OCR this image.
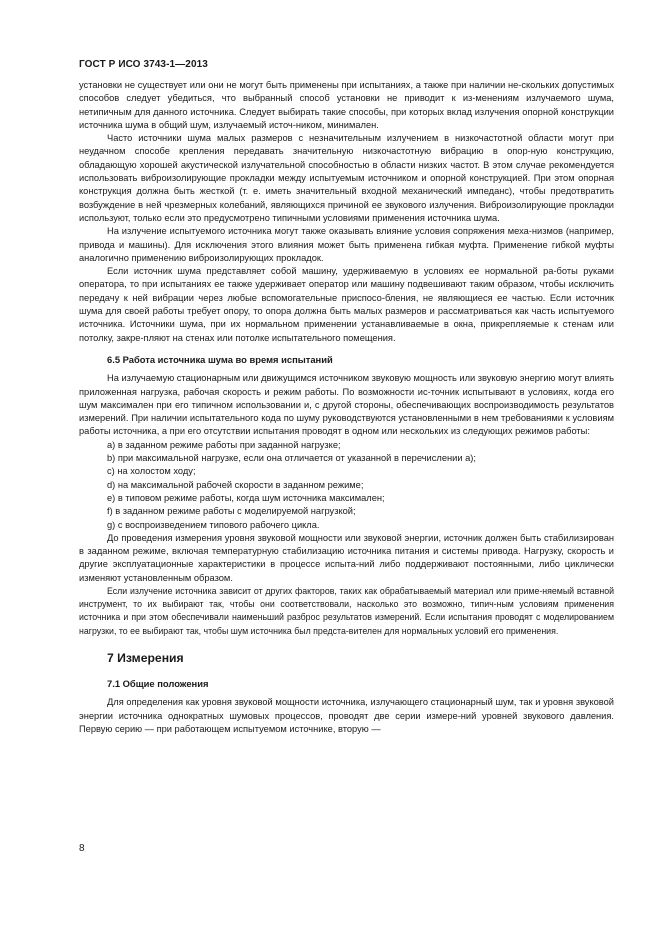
ГОСТ Р ИСО 3743-1—2013

установки не существует или они не могут быть применены при испытаниях, а также при наличии не-скольких допустимых способов следует убедиться, что выбранный способ установки не приводит к из-менениям излучаемого шума, нетипичным для данного источника. Следует выбирать такие способы, при которых вклад излучения опорной конструкции источника шума в общий шум, излучаемый источ-ником, минимален.

Часто источники шума малых размеров с незначительным излучением в низкочастотной области могут при неудачном способе крепления передавать значительную низкочастотную вибрацию в опор-ную конструкцию, обладающую хорошей акустической излучательной способностью в области низких частот. В этом случае рекомендуется использовать виброизолирующие прокладки между испытуемым источником и опорной конструкцией. При этом опорная конструкция должна быть жесткой (т. е. иметь значительный входной механический импеданс), чтобы предотвратить возбуждение в ней чрезмерных колебаний, являющихся причиной ее звукового излучения. Виброизолирующие прокладки используют, только если это предусмотрено типичными условиями применения источника шума.

На излучение испытуемого источника могут также оказывать влияние условия сопряжения меха-низмов (например, привода и машины). Для исключения этого влияния может быть применена гибкая муфта. Применение гибкой муфты аналогично применению виброизолирующих прокладок.

Если источник шума представляет собой машину, удерживаемую в условиях ее нормальной ра-боты руками оператора, то при испытаниях ее также удерживает оператор или машину подвешивают таким образом, чтобы исключить передачу к ней вибрации через любые вспомогательные приспосо-бления, не являющиеся ее частью. Если источник шума для своей работы требует опору, то опора должна быть малых размеров и рассматриваться как часть испытуемого источника. Источники шума, при их нормальном применении устанавливаемые в окна, прикрепляемые к стенам или потолку, закре-пляют на стенах или потолке испытательного помещения.

6.5 Работа источника шума во время испытаний

На излучаемую стационарным или движущимся источником звуковую мощность или звуковую энергию могут влиять приложенная нагрузка, рабочая скорость и режим работы. По возможности ис-точник испытывают в условиях, когда его шум максимален при его типичном использовании и, с другой стороны, обеспечивающих воспроизводимость результатов измерений. При наличии испытательного кода по шуму руководствуются установленными в нем требованиями к условиям работы источника, а при его отсутствии испытания проводят в одном или нескольких из следующих режимов работы:

a) в заданном режиме работы при заданной нагрузке;

b) при максимальной нагрузке, если она отличается от указанной в перечислении а);

c) на холостом ходу;

d) на максимальной рабочей скорости в заданном режиме;

e) в типовом режиме работы, когда шум источника максимален;

f) в заданном режиме работы с моделируемой нагрузкой;

g) с воспроизведением типового рабочего цикла.

До проведения измерения уровня звуковой мощности или звуковой энергии, источник должен быть стабилизирован в заданном режиме, включая температурную стабилизацию источника питания и системы привода. Нагрузку, скорость и другие эксплуатационные характеристики в процессе испыта-ний либо поддерживают постоянными, либо циклически изменяют установленным образом.

Если излучение источника зависит от других факторов, таких как обрабатываемый материал или приме-няемый вставной инструмент, то их выбирают так, чтобы они соответствовали, насколько это возможно, типич-ным условиям применения источника и при этом обеспечивали наименьший разброс результатов измерений. Если испытания проводят с моделированием нагрузки, то ее выбирают так, чтобы шум источника был предста-вителен для нормальных условий его применения.

7 Измерения
7.1 Общие положения

Для определения как уровня звуковой мощности источника, излучающего стационарный шум, так и уровня звуковой энергии источника однократных шумовых процессов, проводят две серии измере-ний уровней звукового давления. Первую серию — при работающем испытуемом источнике, вторую —

8
